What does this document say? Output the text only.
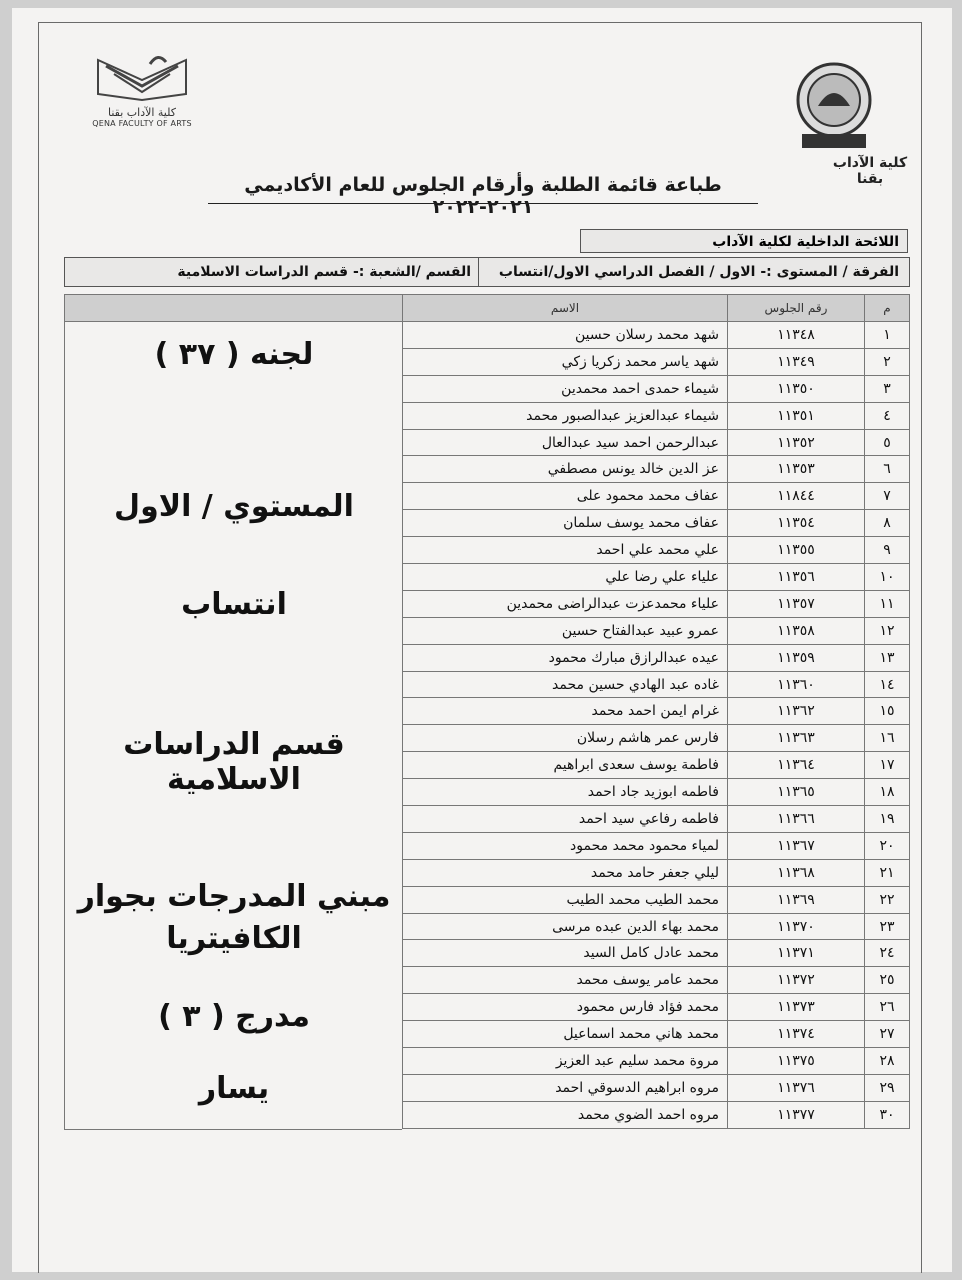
كلية الآداب بقنا
QENA FACULTY OF ARTS
كلية الآداب بقنا
طباعة قائمة الطلبة وأرقام الجلوس للعام الأكاديمي ٢٠٢١-٢٠٢٢
اللائحة الداخلية لكلية الآداب
الفرقة / المستوى :- الاول / الفصل الدراسي الاول/انتساب
القسم /الشعبة :- قسم الدراسات الاسلامية
لجنه ( ٣٧ )
المستوي / الاول
انتساب
قسم الدراسات الاسلامية
مبني المدرجات بجوار
الكافيتريا
مدرج ( ٣ )
يسار
م	رقم الجلوس	الاسم
١	١١٣٤٨	شهد محمد رسلان حسين
٢	١١٣٤٩	شهد ياسر محمد زكريا زكي
٣	١١٣٥٠	شيماء حمدى احمد محمدين
٤	١١٣٥١	شيماء عبدالعزيز عبدالصبور محمد
٥	١١٣٥٢	عبدالرحمن احمد سيد عبدالعال
٦	١١٣٥٣	عز الدين خالد يونس مصطفي
٧	١١٨٤٤	عفاف محمد محمود على
٨	١١٣٥٤	عفاف محمد يوسف سلمان
٩	١١٣٥٥	علي محمد علي احمد
١٠	١١٣٥٦	علياء علي رضا علي
١١	١١٣٥٧	علياء محمدعزت عبدالراضى محمدين
١٢	١١٣٥٨	عمرو عبيد عبدالفتاح حسين
١٣	١١٣٥٩	عيده عبدالرازق مبارك محمود
١٤	١١٣٦٠	غاده عبد الهادي حسين محمد
١٥	١١٣٦٢	غرام ايمن احمد محمد
١٦	١١٣٦٣	فارس عمر هاشم رسلان
١٧	١١٣٦٤	فاطمة يوسف سعدى ابراهيم
١٨	١١٣٦٥	فاطمه ابوزيد جاد احمد
١٩	١١٣٦٦	فاطمه رفاعي سيد احمد
٢٠	١١٣٦٧	لمياء محمود محمد محمود
٢١	١١٣٦٨	ليلي جعفر حامد محمد
٢٢	١١٣٦٩	محمد الطيب محمد الطيب
٢٣	١١٣٧٠	محمد بهاء الدين عبده مرسى
٢٤	١١٣٧١	محمد عادل كامل السيد
٢٥	١١٣٧٢	محمد عامر يوسف محمد
٢٦	١١٣٧٣	محمد فؤاد فارس محمود
٢٧	١١٣٧٤	محمد هاني محمد اسماعيل
٢٨	١١٣٧٥	مروة محمد سليم عبد العزيز
٢٩	١١٣٧٦	مروه ابراهيم الدسوقي احمد
٣٠	١١٣٧٧	مروه احمد الضوي محمد
